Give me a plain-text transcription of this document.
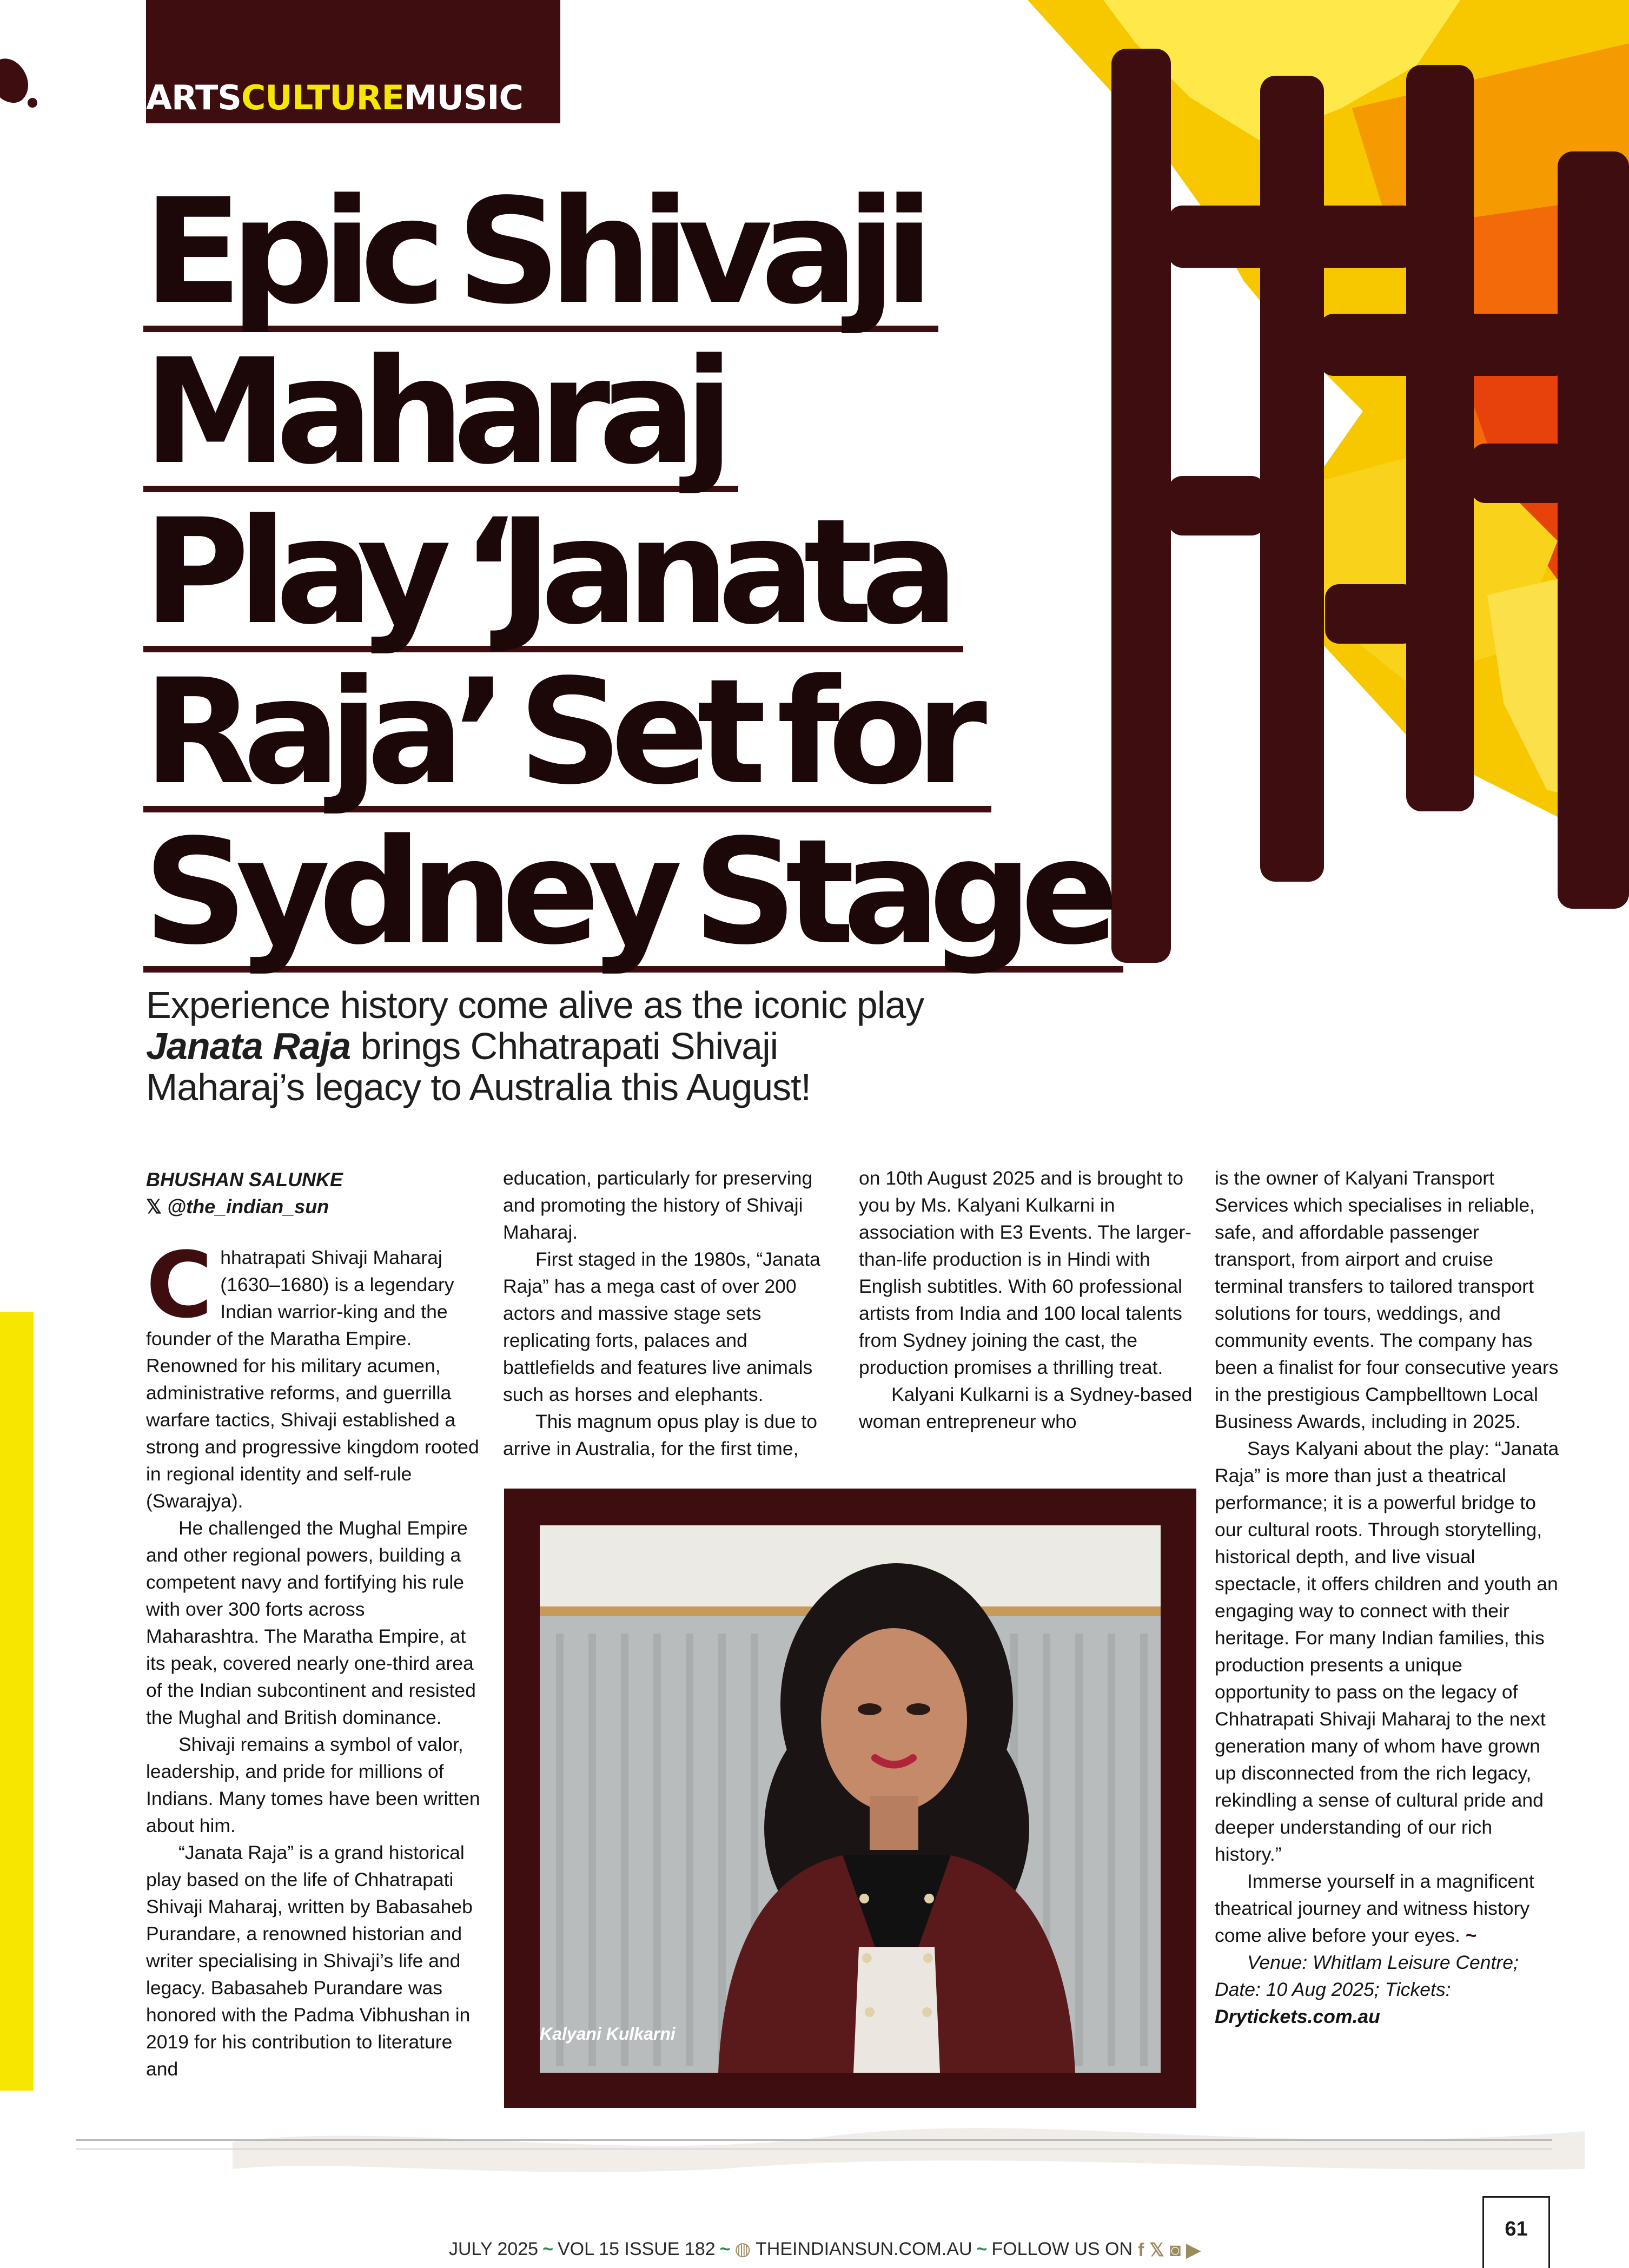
ARTSCULTUREMUSIC
Epic Shivaji
Maharaj
Play ‘Janata
Raja’ Set for
Sydney Stage
Experience history come alive as the iconic play Janata Raja brings Chhatrapati Shivaji Maharaj’s legacy to Australia this August!
BHUSHAN SALUNKE
𝕏 @the_indian_sun

Chhatrapati Shivaji Maharaj (1630–1680) is a legendary Indian warrior-king and the founder of the Maratha Empire. Renowned for his military acumen, administrative reforms, and guerrilla warfare tactics, Shivaji established a strong and progressive kingdom rooted in regional identity and self-rule (Swarajya).

He challenged the Mughal Empire and other regional powers, building a competent navy and fortifying his rule with over 300 forts across Maharashtra. The Maratha Empire, at its peak, covered nearly one-third area of the Indian subcontinent and resisted the Mughal and British dominance.

Shivaji remains a symbol of valor, leadership, and pride for millions of Indians. Many tomes have been written about him.

“Janata Raja” is a grand historical play based on the life of Chhatrapati Shivaji Maharaj, written by Babasaheb Purandare, a renowned historian and writer specialising in Shivaji’s life and legacy. Babasaheb Purandare was honored with the Padma Vibhushan in 2019 for his contribution to literature and

education, particularly for preserving and promoting the history of Shivaji Maharaj.

First staged in the 1980s, “Janata Raja” has a mega cast of over 200 actors and massive stage sets replicating forts, palaces and battlefields and features live animals such as horses and elephants.

This magnum opus play is due to arrive in Australia, for the first time,

on 10th August 2025 and is brought to you by Ms. Kalyani Kulkarni in association with E3 Events. The larger-than-life production is in Hindi with English subtitles. With 60 professional artists from India and 100 local talents from Sydney joining the cast, the production promises a thrilling treat.

Kalyani Kulkarni is a Sydney-based woman entrepreneur who

is the owner of Kalyani Transport Services which specialises in reliable, safe, and affordable passenger transport, from airport and cruise terminal transfers to tailored transport solutions for tours, weddings, and community events. The company has been a finalist for four consecutive years in the prestigious Campbelltown Local Business Awards, including in 2025.

Says Kalyani about the play: “Janata Raja” is more than just a theatrical performance; it is a powerful bridge to our cultural roots. Through storytelling, historical depth, and live visual spectacle, it offers children and youth an engaging way to connect with their heritage. For many Indian families, this production presents a unique opportunity to pass on the legacy of Chhatrapati Shivaji Maharaj to the next generation many of whom have grown up disconnected from the rich legacy, rekindling a sense of cultural pride and deeper understanding of our rich history.”

Immerse yourself in a magnificent theatrical journey and witness history come alive before your eyes. ~

Venue: Whitlam Leisure Centre; Date: 10 Aug 2025; Tickets: Drytickets.com.au

Kalyani Kulkarni
JULY 2025 ~ VOL 15 ISSUE 182 ~ ◍ THEINDIANSUN.COM.AU ~ FOLLOW US ON f 𝕏 ◙ ▶
61
